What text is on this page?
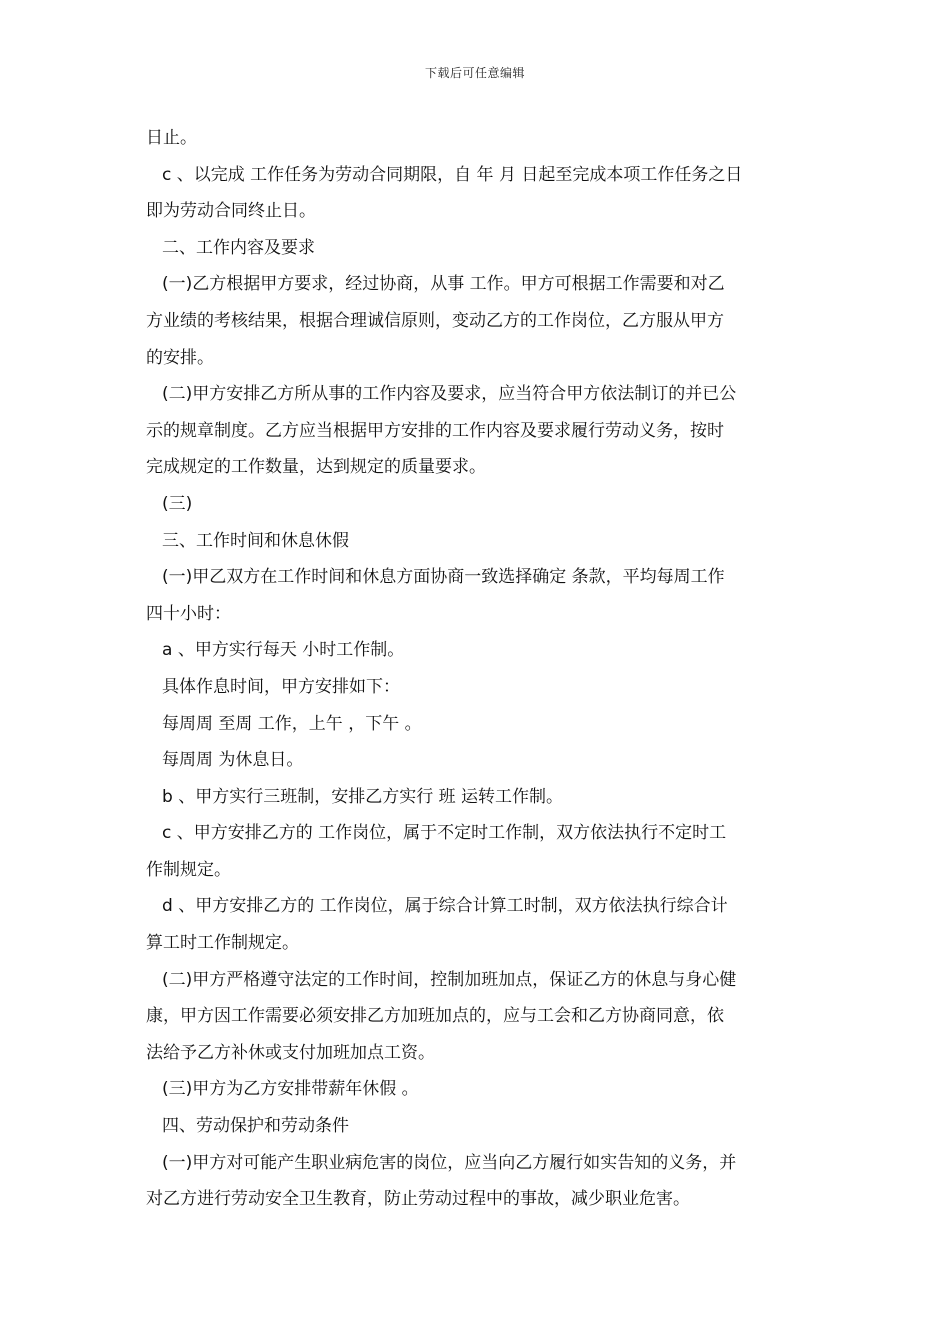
下载后可任意编辑
日止。
c 、以完成 工作任务为劳动合同期限，自 年 月 日起至完成本项工作任务之日
即为劳动合同终止日。
二、工作内容及要求
(一)乙方根据甲方要求，经过协商，从事 工作。甲方可根据工作需要和对乙
方业绩的考核结果，根据合理诚信原则，变动乙方的工作岗位，乙方服从甲方
的安排。
(二)甲方安排乙方所从事的工作内容及要求，应当符合甲方依法制订的并已公
示的规章制度。乙方应当根据甲方安排的工作内容及要求履行劳动义务，按时
完成规定的工作数量，达到规定的质量要求。
(三)
三、工作时间和休息休假
(一)甲乙双方在工作时间和休息方面协商一致选择确定 条款，平均每周工作
四十小时：
a 、甲方实行每天 小时工作制。
具体作息时间，甲方安排如下：
每周周 至周 工作，上午 ，下午 。
每周周 为休息日。
b 、甲方实行三班制，安排乙方实行 班 运转工作制。
c 、甲方安排乙方的 工作岗位，属于不定时工作制，双方依法执行不定时工
作制规定。
d 、甲方安排乙方的 工作岗位，属于综合计算工时制，双方依法执行综合计
算工时工作制规定。
(二)甲方严格遵守法定的工作时间，控制加班加点，保证乙方的休息与身心健
康，甲方因工作需要必须安排乙方加班加点的，应与工会和乙方协商同意，依
法给予乙方补休或支付加班加点工资。
(三)甲方为乙方安排带薪年休假 。
四、劳动保护和劳动条件
(一)甲方对可能产生职业病危害的岗位，应当向乙方履行如实告知的义务，并
对乙方进行劳动安全卫生教育，防止劳动过程中的事故，减少职业危害。
